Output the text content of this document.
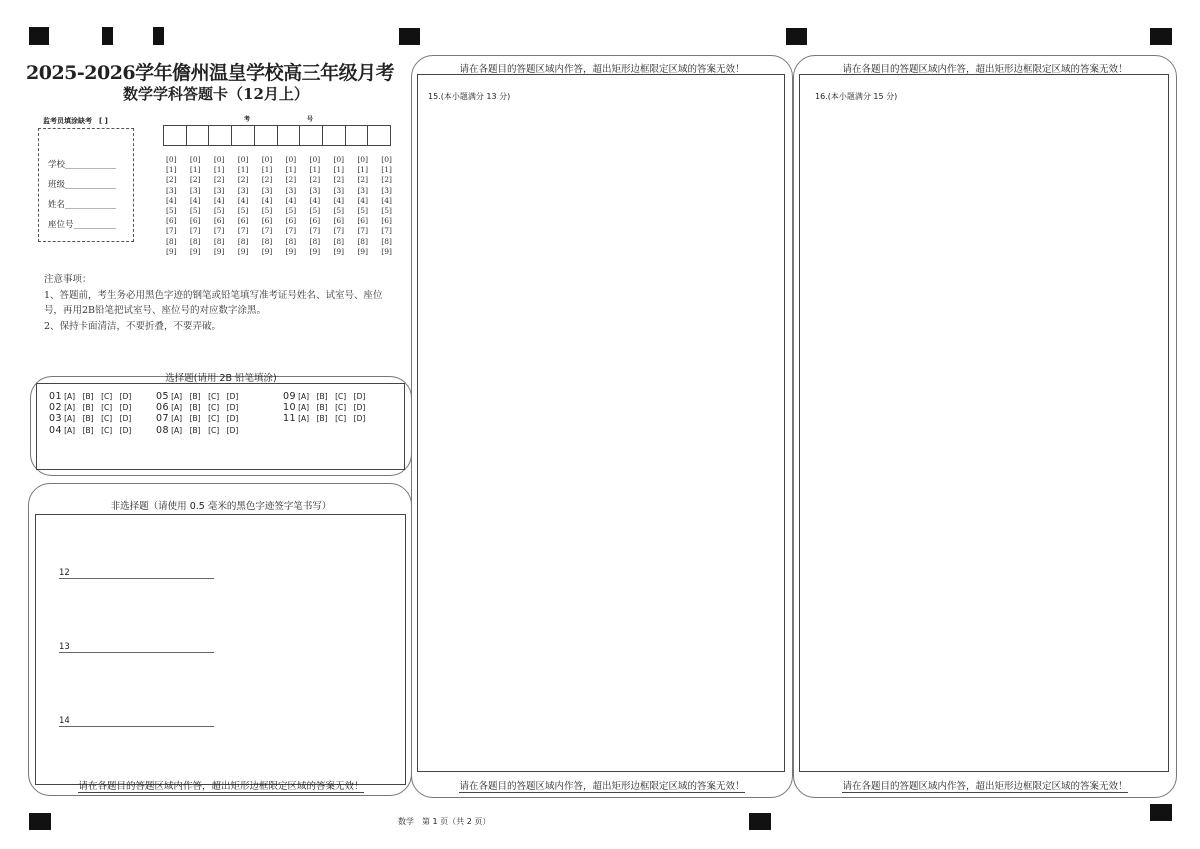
2025-2026学年儋州温皇学校高三年级月考
数学学科答题卡（12月上）
监考员填涂缺考　[ ]
学校____________
班级____________
姓名____________
座位号__________
考	号
[0] [0] [0] [0] [0] [0] [0] [0] [0] [0]
[1] [1] [1] [1] [1] [1] [1] [1] [1] [1]
[2] [2] [2] [2] [2] [2] [2] [2] [2] [2]
[3] [3] [3] [3] [3] [3] [3] [3] [3] [3]
[4] [4] [4] [4] [4] [4] [4] [4] [4] [4]
[5] [5] [5] [5] [5] [5] [5] [5] [5] [5]
[6] [6] [6] [6] [6] [6] [6] [6] [6] [6]
[7] [7] [7] [7] [7] [7] [7] [7] [7] [7]
[8] [8] [8] [8] [8] [8] [8] [8] [8] [8]
[9] [9] [9] [9] [9] [9] [9] [9] [9] [9]
注意事项：
1、答题前，考生务必用黑色字迹的钢笔或铅笔填写准考证号姓名、试室号、座位号，再用2B铅笔把试室号、座位号的对应数字涂黑。
2、保持卡面清洁，不要折叠，不要弄破。
选择题(请用 2B 铅笔填涂)
01 [A]　[B]　[C]　[D]
02 [A]　[B]　[C]　[D]
03 [A]　[B]　[C]　[D]
04 [A]　[B]　[C]　[D]
05 [A]　[B]　[C]　[D]
06 [A]　[B]　[C]　[D]
07 [A]　[B]　[C]　[D]
08 [A]　[B]　[C]　[D]
09 [A]　[B]　[C]　[D]
10 [A]　[B]　[C]　[D]
11 [A]　[B]　[C]　[D]
非选择题（请使用 0.5 毫米的黑色字迹签字笔书写）
12
13
14
请在各题目的答题区域内作答，超出矩形边框限定区域的答案无效！
请在各题目的答题区域内作答，超出矩形边框限定区域的答案无效！
15.(本小题满分 13 分)
请在各题目的答题区域内作答，超出矩形边框限定区域的答案无效！
请在各题目的答题区域内作答，超出矩形边框限定区域的答案无效！
16.(本小题满分 15 分)
请在各题目的答题区域内作答，超出矩形边框限定区域的答案无效！
数学　第 1 页（共 2 页）
